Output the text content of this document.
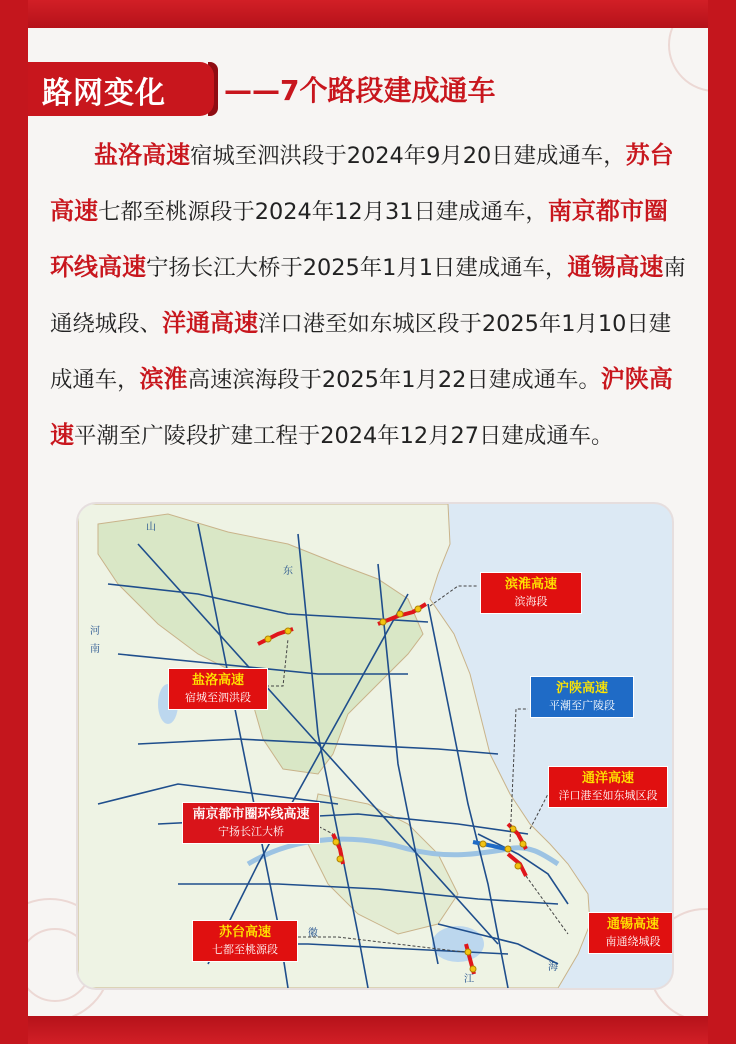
路网变化 ——7个路段建成通车
盐洛高速宿城至泗洪段于2024年9月20日建成通车，苏台高速七都至桃源段于2024年12月31日建成通车，南京都市圈环线高速宁扬长江大桥于2025年1月1日建成通车，通锡高速南通绕城段、洋通高速洋口港至如东城区段于2025年1月10日建成通车，滨淮高速滨海段于2025年1月22日建成通车。沪陕高速平潮至广陵段扩建工程于2024年12月27日建成通车。
山
东
河
南
徽
江
海
滨淮高速
滨海段
盐洛高速
宿城至泗洪段
沪陕高速
平潮至广陵段
通洋高速
洋口港至如东城区段
南京都市圈环线高速
宁扬长江大桥
苏台高速
七都至桃源段
通锡高速
南通绕城段
